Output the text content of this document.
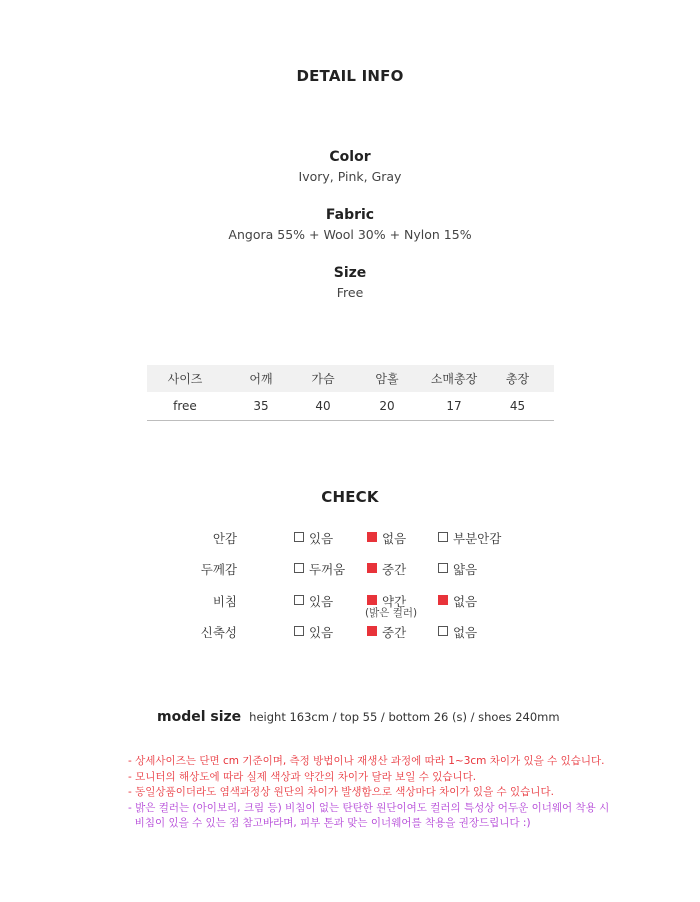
DETAIL INFO
Color
Ivory, Pink, Gray
Fabric
Angora 55% + Wool 30% + Nylon 15%
Size
Free
사이즈	어깨	가슴	암홀	소매총장	총장
free	35	40	20	17	45
CHECK
안감	있음	없음	부분안감
두께감	두꺼움	중간	얇음
비침	있음	약간	없음
(밝은 컬러)
신축성	있음	중간	없음
model size height 163cm / top 55 / bottom 26 (s) / shoes 240mm
- 상세사이즈는 단면 cm 기준이며, 측정 방법이나 재생산 과정에 따라 1~3cm 차이가 있을 수 있습니다.
- 모니터의 해상도에 따라 실제 색상과 약간의 차이가 달라 보일 수 있습니다.
- 동일상품이더라도 염색과정상 원단의 차이가 발생함으로 색상마다 차이가 있을 수 있습니다.
- 밝은 컬러는 (아이보리, 크림 등) 비침이 없는 탄탄한 원단이여도 컬러의 특성상 어두운 이너웨어 착용 시
비침이 있을 수 있는 점 참고바라며, 피부 톤과 맞는 이너웨어를 착용을 권장드립니다 :)
